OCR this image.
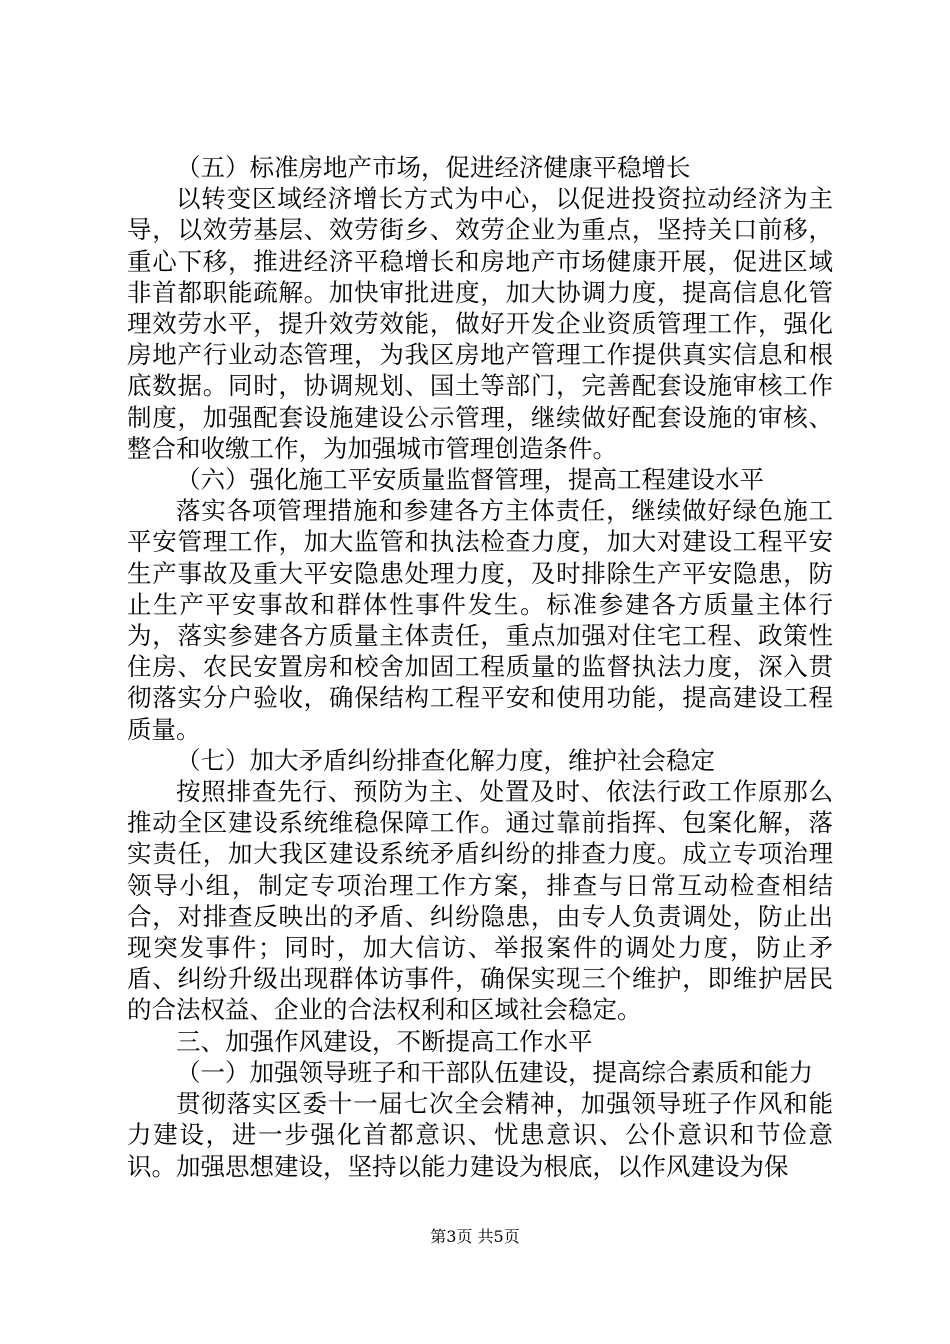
（五）标准房地产市场，促进经济健康平稳增长

以转变区域经济增长方式为中心，以促进投资拉动经济为主导，以效劳基层、效劳街乡、效劳企业为重点，坚持关口前移，重心下移，推进经济平稳增长和房地产市场健康开展，促进区域非首都职能疏解。加快审批进度，加大协调力度，提高信息化管理效劳水平，提升效劳效能，做好开发企业资质管理工作，强化房地产行业动态管理，为我区房地产管理工作提供真实信息和根底数据。同时，协调规划、国土等部门，完善配套设施审核工作制度，加强配套设施建设公示管理，继续做好配套设施的审核、整合和收缴工作，为加强城市管理创造条件。

（六）强化施工平安质量监督管理，提高工程建设水平

落实各项管理措施和参建各方主体责任，继续做好绿色施工平安管理工作，加大监管和执法检查力度，加大对建设工程平安生产事故及重大平安隐患处理力度，及时排除生产平安隐患，防止生产平安事故和群体性事件发生。标准参建各方质量主体行为，落实参建各方质量主体责任，重点加强对住宅工程、政策性住房、农民安置房和校舍加固工程质量的监督执法力度，深入贯彻落实分户验收，确保结构工程平安和使用功能，提高建设工程质量。

（七）加大矛盾纠纷排查化解力度，维护社会稳定

按照排查先行、预防为主、处置及时、依法行政工作原那么推动全区建设系统维稳保障工作。通过靠前指挥、包案化解，落实责任，加大我区建设系统矛盾纠纷的排查力度。成立专项治理领导小组，制定专项治理工作方案，排查与日常互动检查相结合，对排查反映出的矛盾、纠纷隐患，由专人负责调处，防止出现突发事件；同时，加大信访、举报案件的调处力度，防止矛盾、纠纷升级出现群体访事件，确保实现三个维护，即维护居民的合法权益、企业的合法权利和区域社会稳定。

三、加强作风建设，不断提高工作水平

（一）加强领导班子和干部队伍建设，提高综合素质和能力

贯彻落实区委十一届七次全会精神，加强领导班子作风和能力建设，进一步强化首都意识、忧患意识、公仆意识和节俭意识。加强思想建设，坚持以能力建设为根底，以作风建设为保

第3页 共5页
